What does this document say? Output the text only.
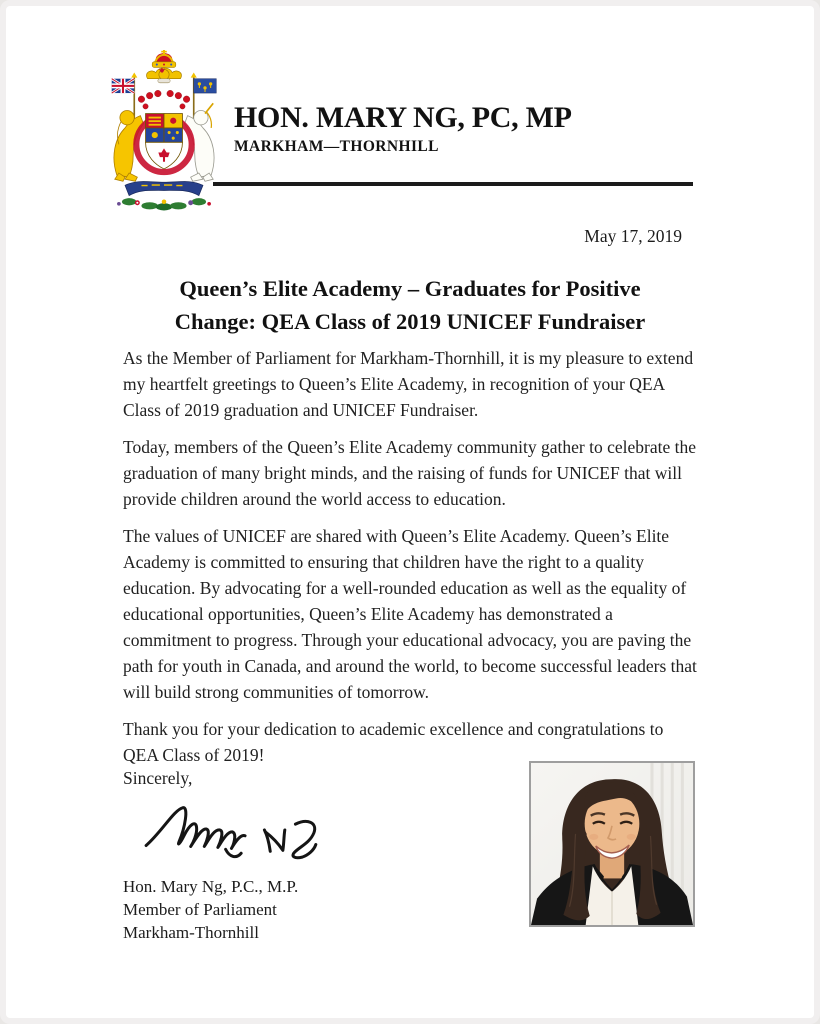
HON. MARY NG, PC, MP
MARKHAM—THORNHILL
May 17, 2019
Queen’s Elite Academy – Graduates for Positive
Change: QEA Class of 2019 UNICEF Fundraiser

As the Member of Parliament for Markham-Thornhill, it is my pleasure to extend my heartfelt greetings to Queen’s Elite Academy, in recognition of your QEA Class of 2019 graduation and UNICEF Fundraiser.

Today, members of the Queen’s Elite Academy community gather to celebrate the graduation of many bright minds, and the raising of funds for UNICEF that will provide children around the world access to education.

The values of UNICEF are shared with Queen’s Elite Academy. Queen’s Elite Academy is committed to ensuring that children have the right to a quality education. By advocating for a well-rounded education as well as the equality of educational opportunities, Queen’s Elite Academy has demonstrated a commitment to progress. Through your educational advocacy, you are paving the path for youth in Canada, and around the world, to become successful leaders that will build strong communities of tomorrow.

Thank you for your dedication to academic excellence and congratulations to QEA Class of 2019!

Sincerely,
Hon. Mary Ng, P.C., M.P.
Member of Parliament
Markham-Thornhill
